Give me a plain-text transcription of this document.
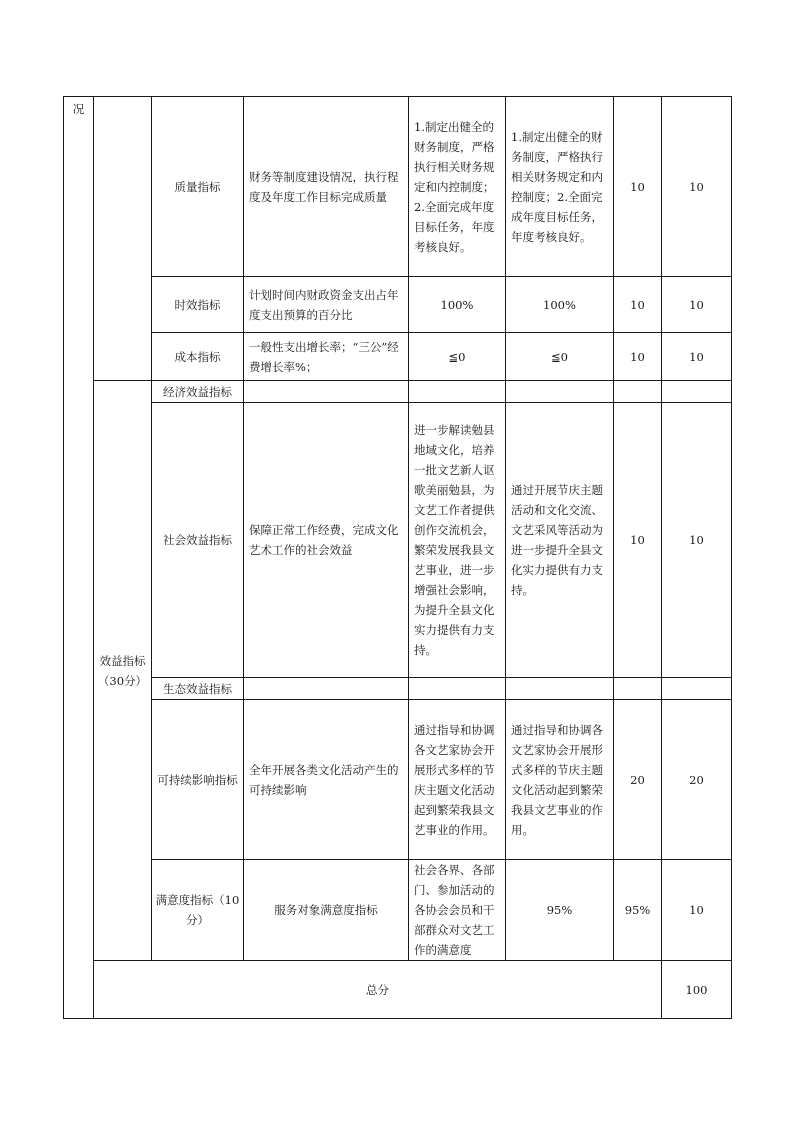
况		质量指标	财务等制度建设情况，执行程度及年度工作目标完成质量	1.制定出健全的财务制度，严格执行相关财务规定和内控制度；2.全面完成年度目标任务，年度考核良好。	1.制定出健全的财务制度，严格执行相关财务规定和内控制度；2.全面完成年度目标任务，年度考核良好。	10	10	
		时效指标	计划时间内财政资金支出占年度支出预算的百分比	100%	100%	10	10	
		成本指标	一般性支出增长率；“三公”经费增长率%；	≦0	≦0	10	10	
	效益指标（30分）	经济效益指标						
		社会效益指标	保障正常工作经费，完成文化艺术工作的社会效益	进一步解读勉县地域文化，培养一批文艺新人讴歌美丽勉县，为文艺工作者提供创作交流机会，繁荣发展我县文艺事业，进一步增强社会影响，为提升全县文化实力提供有力支持。	通过开展节庆主题活动和文化交流、文艺采风等活动为进一步提升全县文化实力提供有力支持。	10	10	
		生态效益指标						
		可持续影响指标	全年开展各类文化活动产生的可持续影响	通过指导和协调各文艺家协会开展形式多样的节庆主题文化活动起到繁荣我县文艺事业的作用。	通过指导和协调各文艺家协会开展形式多样的节庆主题文化活动起到繁荣我县文艺事业的作用。	20	20	
		满意度指标（10分）	服务对象满意度指标	社会各界、各部门、参加活动的各协会会员和干部群众对文艺工作的满意度	95%	95%	10	
	总分						100	
